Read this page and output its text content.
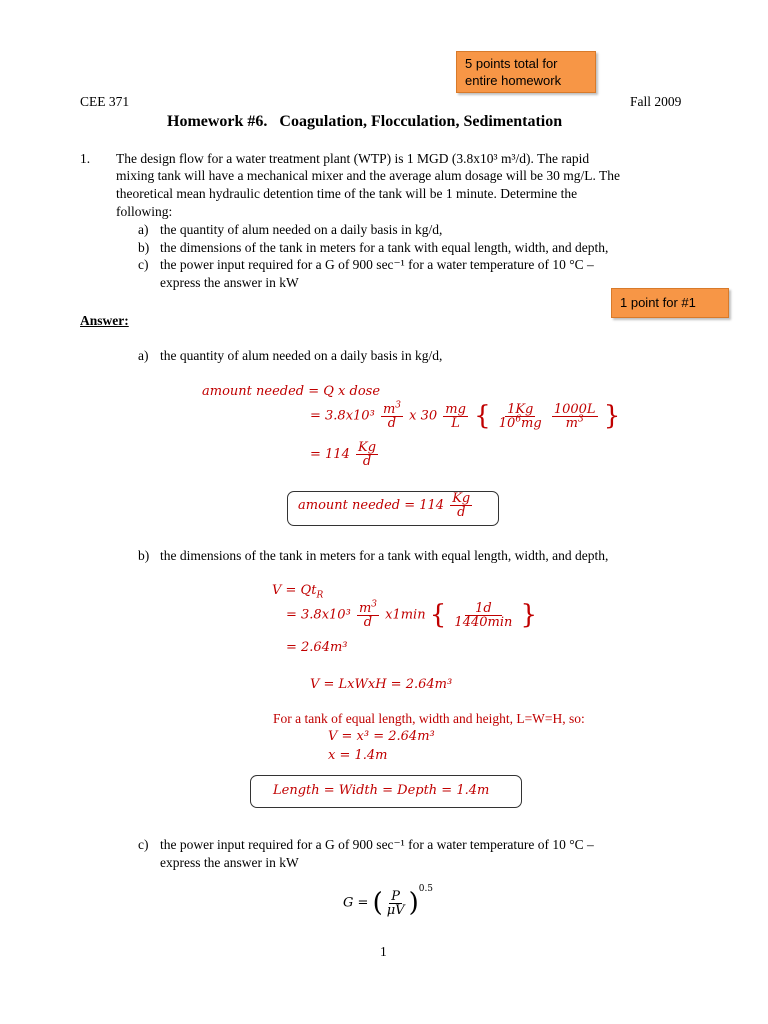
5 points total for entire homework
1 point for #1
CEE 371	Fall 2009
Homework #6.   Coagulation, Flocculation, Sedimentation
1. The design flow for a water treatment plant (WTP) is 1 MGD (3.8x10³ m³/d). The rapid
mixing tank will have a mechanical mixer and the average alum dosage will be 30 mg/L. The
theoretical mean hydraulic detention time of the tank will be 1 minute. Determine the
following:
a) the quantity of alum needed on a daily basis in kg/d,
b) the dimensions of the tank in meters for a tank with equal length, width, and depth,
c) the power input required for a G of 900 sec⁻¹ for a water temperature of 10 °C –
express the answer in kW
Answer:
a) the quantity of alum needed on a daily basis in kg/d,
amount needed = Q x dose
= $3.8x10^3 \frac{m^3}{d}$ x $30 \frac{mg}{L}$ { $\frac{1Kg}{10^6mg}$
$\frac{1000L}{m^3}$ }
= $114 \frac{Kg}{d}$
amount needed = $114 \frac{Kg}{d}$
b) the dimensions of the tank in meters for a tank with equal length, width, and depth,
$V = Qt_R$
= $3.8x10^3 \frac{m^3}{d} x1\min$ { $\frac{1d}{1440\min}$ }
= 2.64m³
V = LxWxH = 2.64m³
For a tank of equal length, width and height, L=W=H, so:
V = x³ = 2.64m³
x = 1.4m
Length = Width = Depth = 1.4m
c) the power input required for a G of 900 sec⁻¹ for a water temperature of 10 °C –
express the answer in kW
G = ( $\frac{P}{\mu V} )^{0.5}$
1
